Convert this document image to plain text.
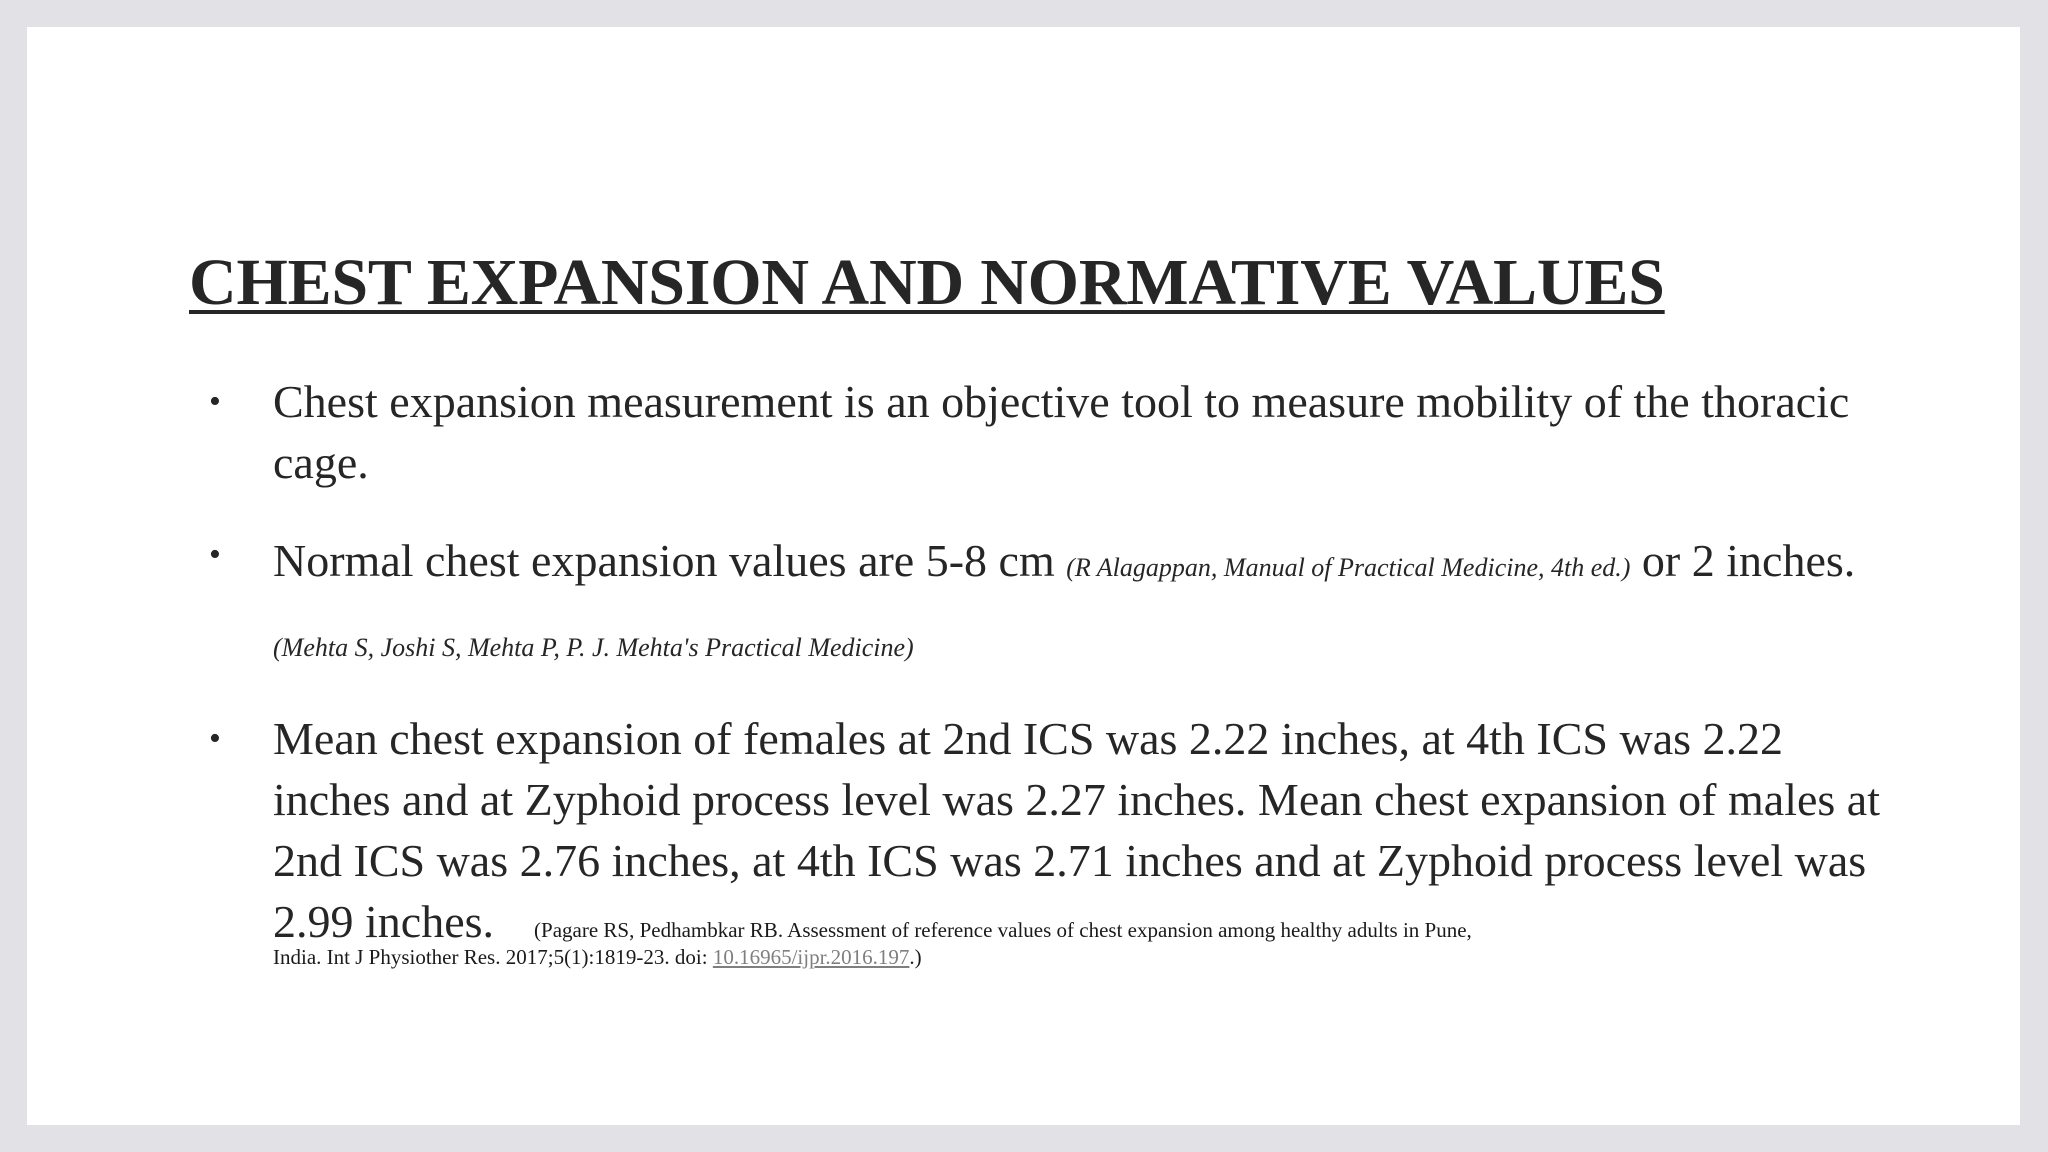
CHEST EXPANSION AND NORMATIVE VALUES
• Chest expansion measurement is an objective tool to measure mobility of the thoracic cage.
• Normal chest expansion values are 5-8 cm (R Alagappan, Manual of Practical Medicine, 4th ed.) or 2 inches. (Mehta S, Joshi S, Mehta P, P. J. Mehta's Practical Medicine)
• Mean chest expansion of females at 2nd ICS was 2.22 inches, at 4th ICS was 2.22 inches and at Zyphoid process level was 2.27 inches. Mean chest expansion of males at 2nd ICS was 2.76 inches, at 4th ICS was 2.71 inches and at Zyphoid process level was 2.99 inches. (Pagare RS, Pedhambkar RB. Assessment of reference values of chest expansion among healthy adults in Pune,
India. Int J Physiother Res. 2017;5(1):1819-23. doi: 10.16965/ijpr.2016.197.)
